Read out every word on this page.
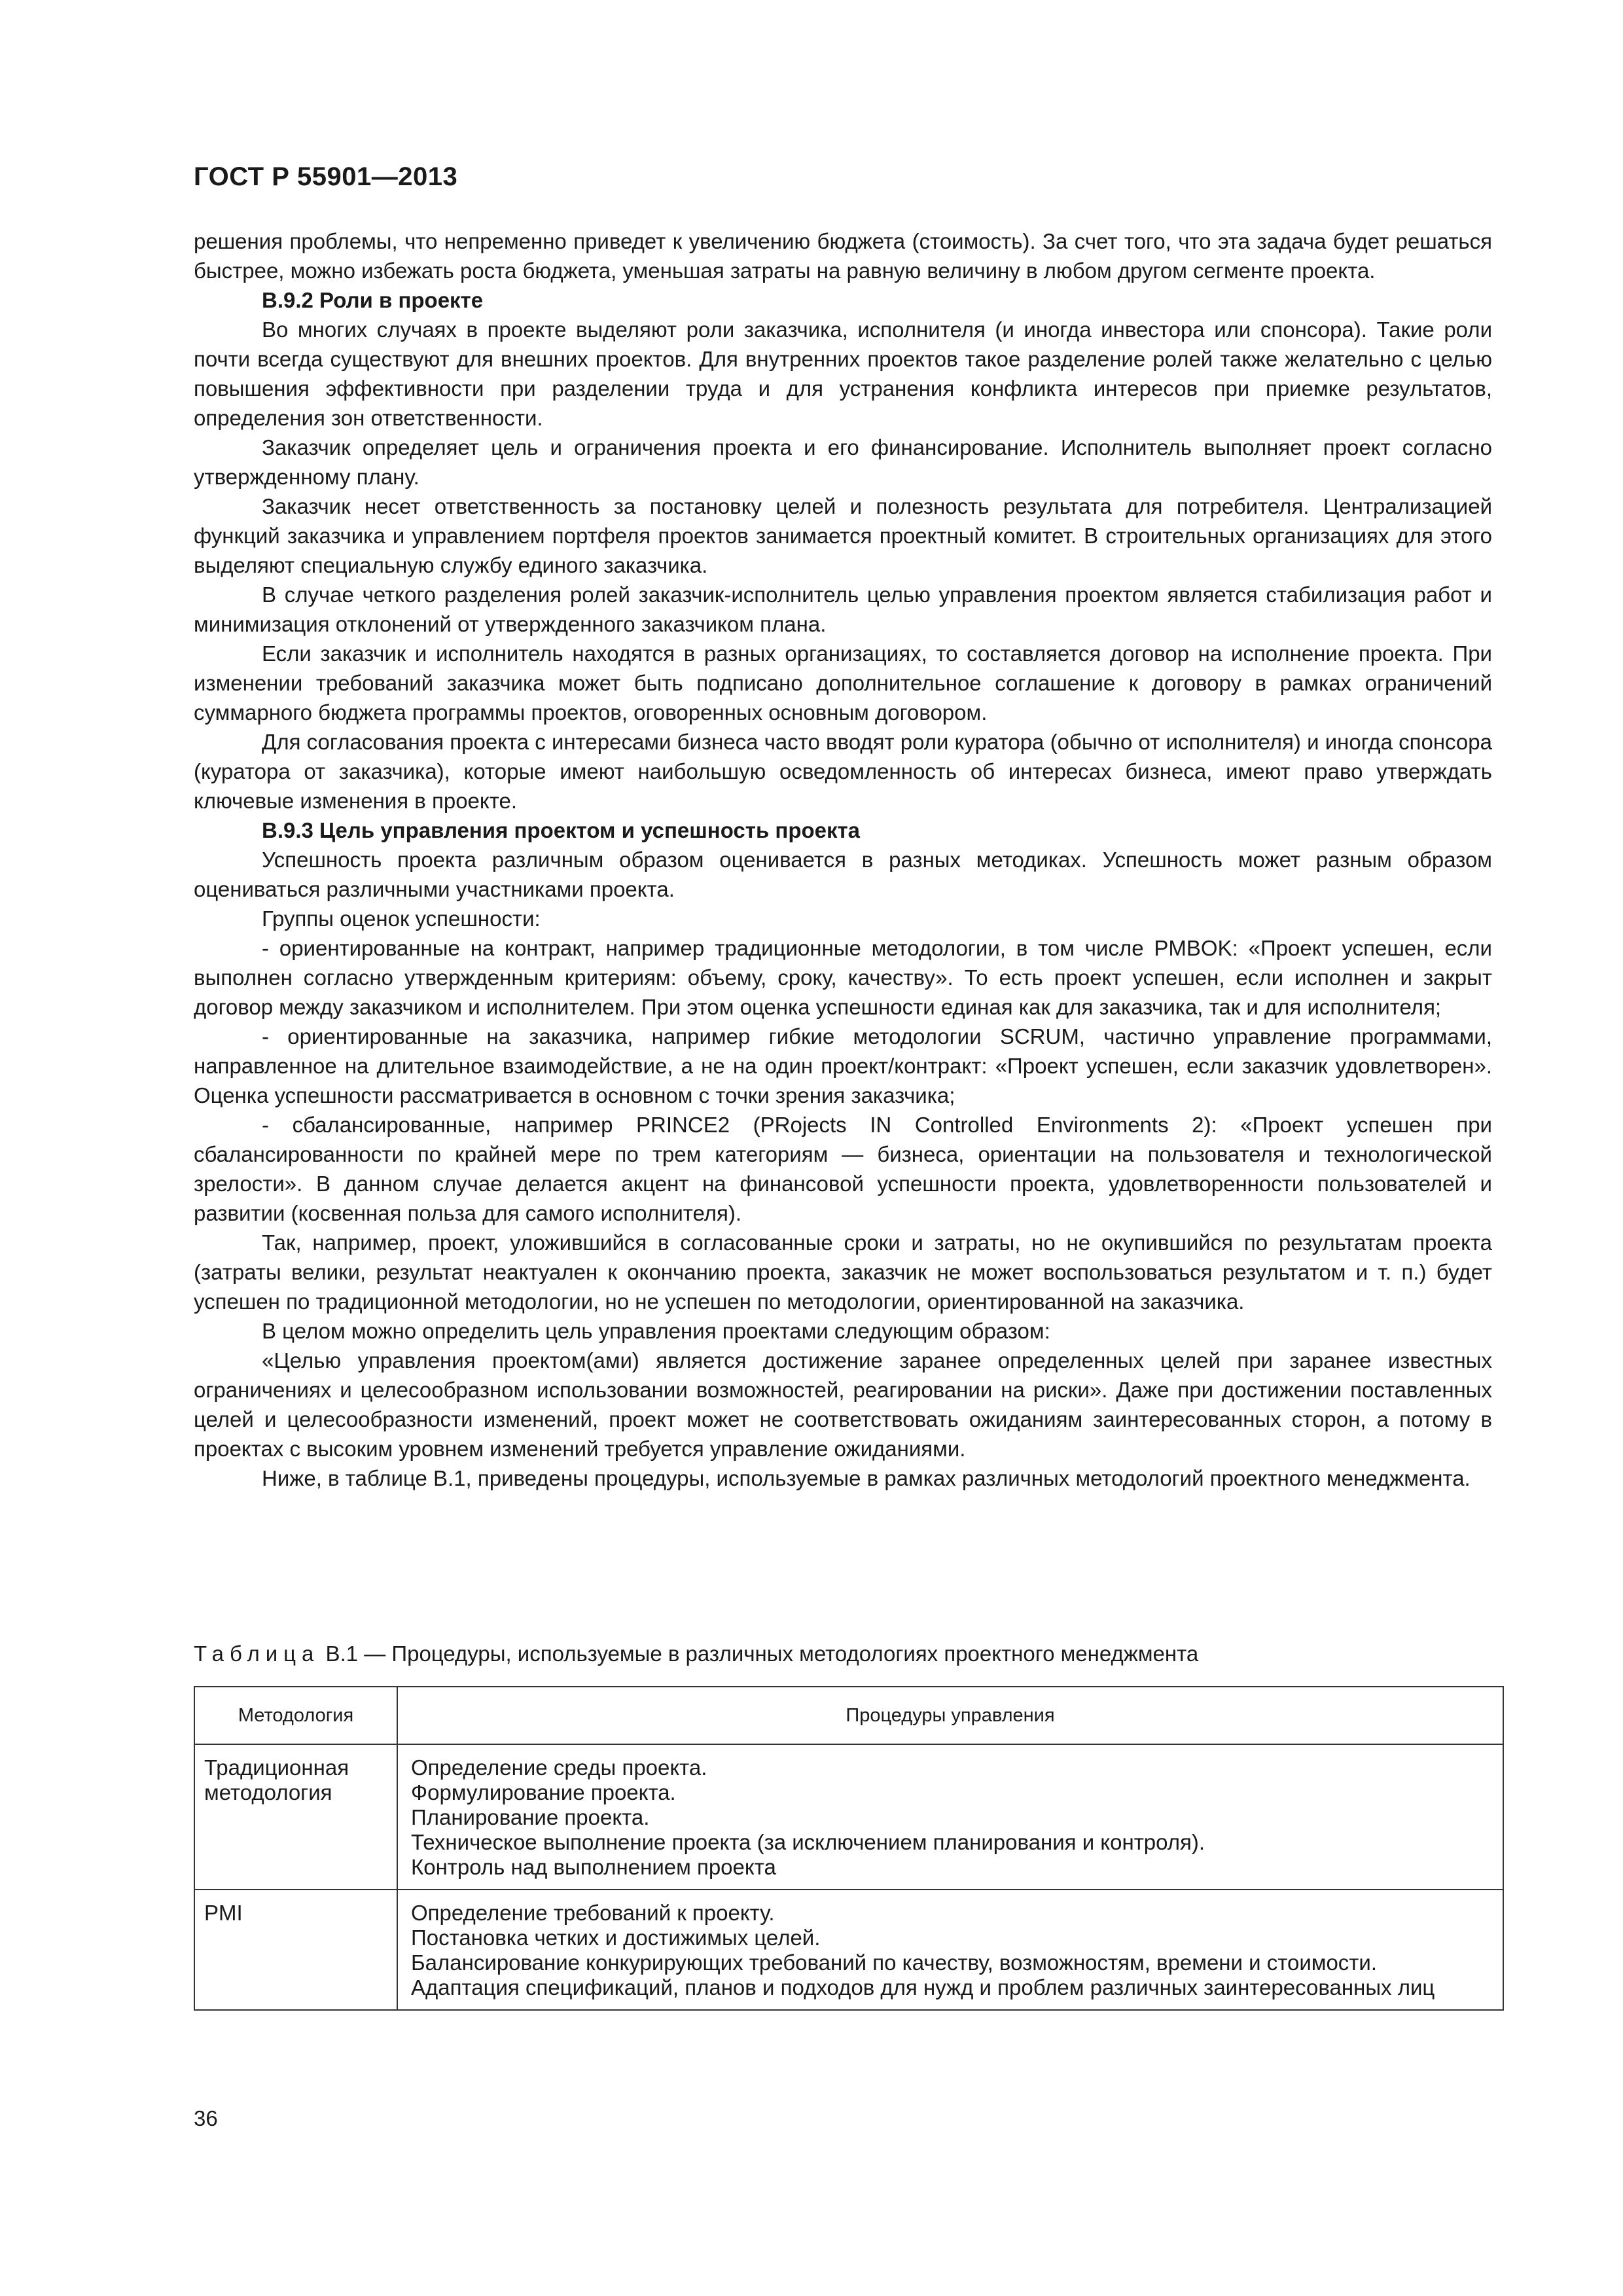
ГОСТ Р 55901—2013

решения проблемы, что непременно приведет к увеличению бюджета (стоимость). За счет того, что эта задача будет решаться быстрее, можно избежать роста бюджета, уменьшая затраты на равную величину в любом другом сегменте проекта.

В.9.2 Роли в проекте

Во многих случаях в проекте выделяют роли заказчика, исполнителя (и иногда инвестора или спонсора). Такие роли почти всегда существуют для внешних проектов. Для внутренних проектов такое разделение ролей также желательно с целью повышения эффективности при разделении труда и для устранения конфликта интересов при приемке результатов, определения зон ответственности.

Заказчик определяет цель и ограничения проекта и его финансирование. Исполнитель выполняет проект согласно утвержденному плану.

Заказчик несет ответственность за постановку целей и полезность результата для потребителя. Централизацией функций заказчика и управлением портфеля проектов занимается проектный комитет. В строительных организациях для этого выделяют специальную службу единого заказчика.

В случае четкого разделения ролей заказчик-исполнитель целью управления проектом является стабилизация работ и минимизация отклонений от утвержденного заказчиком плана.

Если заказчик и исполнитель находятся в разных организациях, то составляется договор на исполнение проекта. При изменении требований заказчика может быть подписано дополнительное соглашение к договору в рамках ограничений суммарного бюджета программы проектов, оговоренных основным договором.

Для согласования проекта с интересами бизнеса часто вводят роли куратора (обычно от исполнителя) и иногда спонсора (куратора от заказчика), которые имеют наибольшую осведомленность об интересах бизнеса, имеют право утверждать ключевые изменения в проекте.

В.9.3 Цель управления проектом и успешность проекта

Успешность проекта различным образом оценивается в разных методиках. Успешность может разным образом оцениваться различными участниками проекта.

Группы оценок успешности:

- ориентированные на контракт, например традиционные методологии, в том числе PMBOK: «Проект успешен, если выполнен согласно утвержденным критериям: объему, сроку, качеству». То есть проект успешен, если исполнен и закрыт договор между заказчиком и исполнителем. При этом оценка успешности единая как для заказчика, так и для исполнителя;

- ориентированные на заказчика, например гибкие методологии SCRUM, частично управление программами, направленное на длительное взаимодействие, а не на один проект/контракт: «Проект успешен, если заказчик удовлетворен». Оценка успешности рассматривается в основном с точки зрения заказчика;

- сбалансированные, например PRINCE2 (PRojects IN Controlled Environments 2): «Проект успешен при сбалансированности по крайней мере по трем категориям — бизнеса, ориентации на пользователя и технологической зрелости». В данном случае делается акцент на финансовой успешности проекта, удовлетворенности пользователей и развитии (косвенная польза для самого исполнителя).

Так, например, проект, уложившийся в согласованные сроки и затраты, но не окупившийся по результатам проекта (затраты велики, результат неактуален к окончанию проекта, заказчик не может воспользоваться результатом и т. п.) будет успешен по традиционной методологии, но не успешен по методологии, ориентированной на заказчика.

В целом можно определить цель управления проектами следующим образом:

«Целью управления проектом(ами) является достижение заранее определенных целей при заранее известных ограничениях и целесообразном использовании возможностей, реагировании на риски». Даже при достижении поставленных целей и целесообразности изменений, проект может не соответствовать ожиданиям заинтересованных сторон, а потому в проектах с высоким уровнем изменений требуется управление ожиданиями.

Ниже, в таблице В.1, приведены процедуры, используемые в рамках различных методологий проектного менеджмента.

Таблица В.1 — Процедуры, используемые в различных методологиях проектного менеджмента
Методология	Процедуры управления
Традиционная методология	Определение среды проекта.
Формулирование проекта.
Планирование проекта.
Техническое выполнение проекта (за исключением планирования и контроля).
Контроль над выполнением проекта

PMI	Определение требований к проекту.
Постановка четких и достижимых целей.
Балансирование конкурирующих требований по качеству, возможностям, времени и стоимости.
Адаптация спецификаций, планов и подходов для нужд и проблем различных заинтересованных лиц
36
